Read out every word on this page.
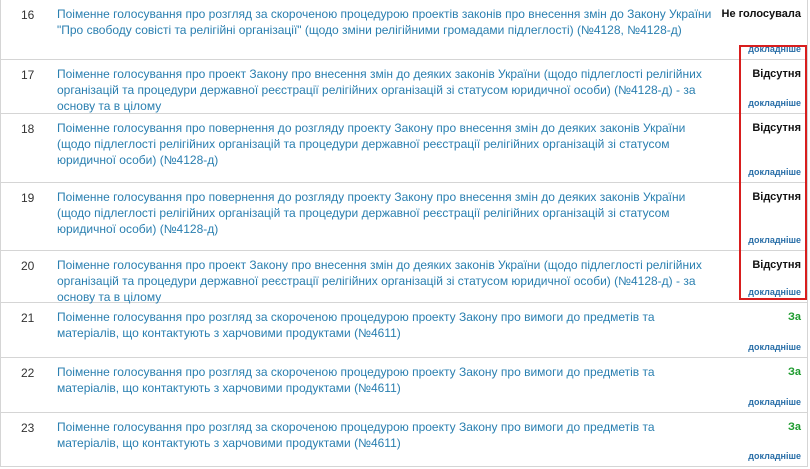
16 Поіменне голосування про розгляд за скороченою процедурою проектів законів про внесення змін до Закону України "Про свободу совісті та релігійні організації" (щодо зміни релігійними громадами підлеглості) (№4128, №4128-д)
Не голосувала
докладніше
17 Поіменне голосування про проект Закону про внесення змін до деяких законів України (щодо підлеглості релігійних організацій та процедури державної реєстрації релігійних організацій зі статусом юридичної особи) (№4128-д) - за основу та в цілому
Відсутня
докладніше
18 Поіменне голосування про повернення до розгляду проекту Закону про внесення змін до деяких законів України (щодо підлеглості релігійних організацій та процедури державної реєстрації релігійних організацій зі статусом юридичної особи) (№4128-д)
Відсутня
докладніше
19 Поіменне голосування про повернення до розгляду проекту Закону про внесення змін до деяких законів України (щодо підлеглості релігійних організацій та процедури державної реєстрації релігійних організацій зі статусом юридичної особи) (№4128-д)
Відсутня
докладніше
20 Поіменне голосування про проект Закону про внесення змін до деяких законів України (щодо підлеглості релігійних організацій та процедури державної реєстрації релігійних організацій зі статусом юридичної особи) (№4128-д) - за основу та в цілому
Відсутня
докладніше
21 Поіменне голосування про розгляд за скороченою процедурою проекту Закону про вимоги до предметів та матеріалів, що контактують з харчовими продуктами (№4611)
За
докладніше
22 Поіменне голосування про розгляд за скороченою процедурою проекту Закону про вимоги до предметів та матеріалів, що контактують з харчовими продуктами (№4611)
За
докладніше
23 Поіменне голосування про розгляд за скороченою процедурою проекту Закону про вимоги до предметів та матеріалів, що контактують з харчовими продуктами (№4611)
За
докладніше
